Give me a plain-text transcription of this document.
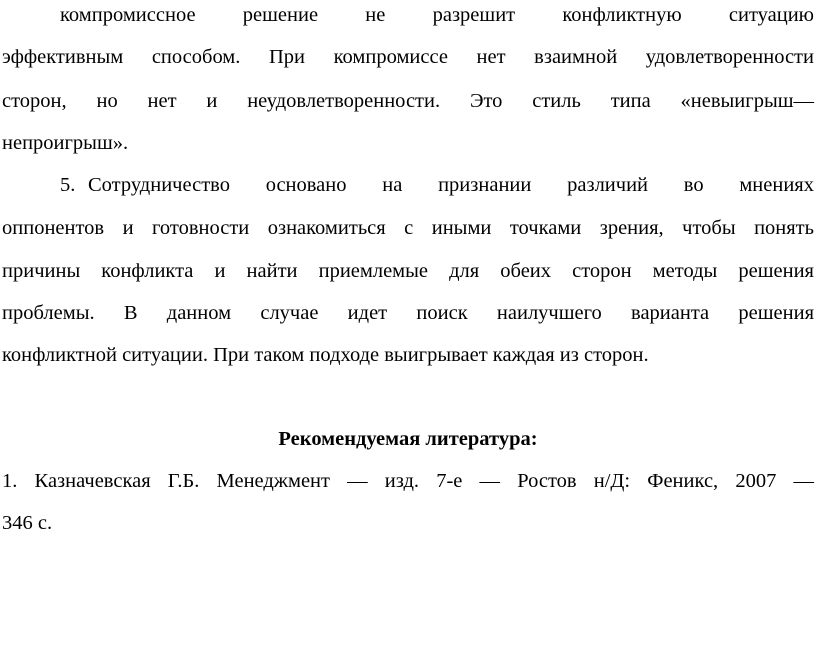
компромиссное решение не разрешит конфликтную ситуацию
эффективным способом. При компромиссе нет взаимной удовлетворенности
сторон, но нет и неудовлетворенности. Это стиль типа «невыигрыш—
непроигрыш».
5. Сотрудничество основано на признании различий во мнениях
оппонентов и готовности ознакомиться с иными точками зрения, чтобы понять
причины конфликта и найти приемлемые для обеих сторон методы решения
проблемы. В данном случае идет поиск наилучшего варианта решения
конфликтной ситуации. При таком подходе выигрывает каждая из сторон.
Рекомендуемая литература:
1. Казначевская Г.Б. Менеджмент — изд. 7-е — Ростов н/Д: Феникс, 2007 —
346 с.
